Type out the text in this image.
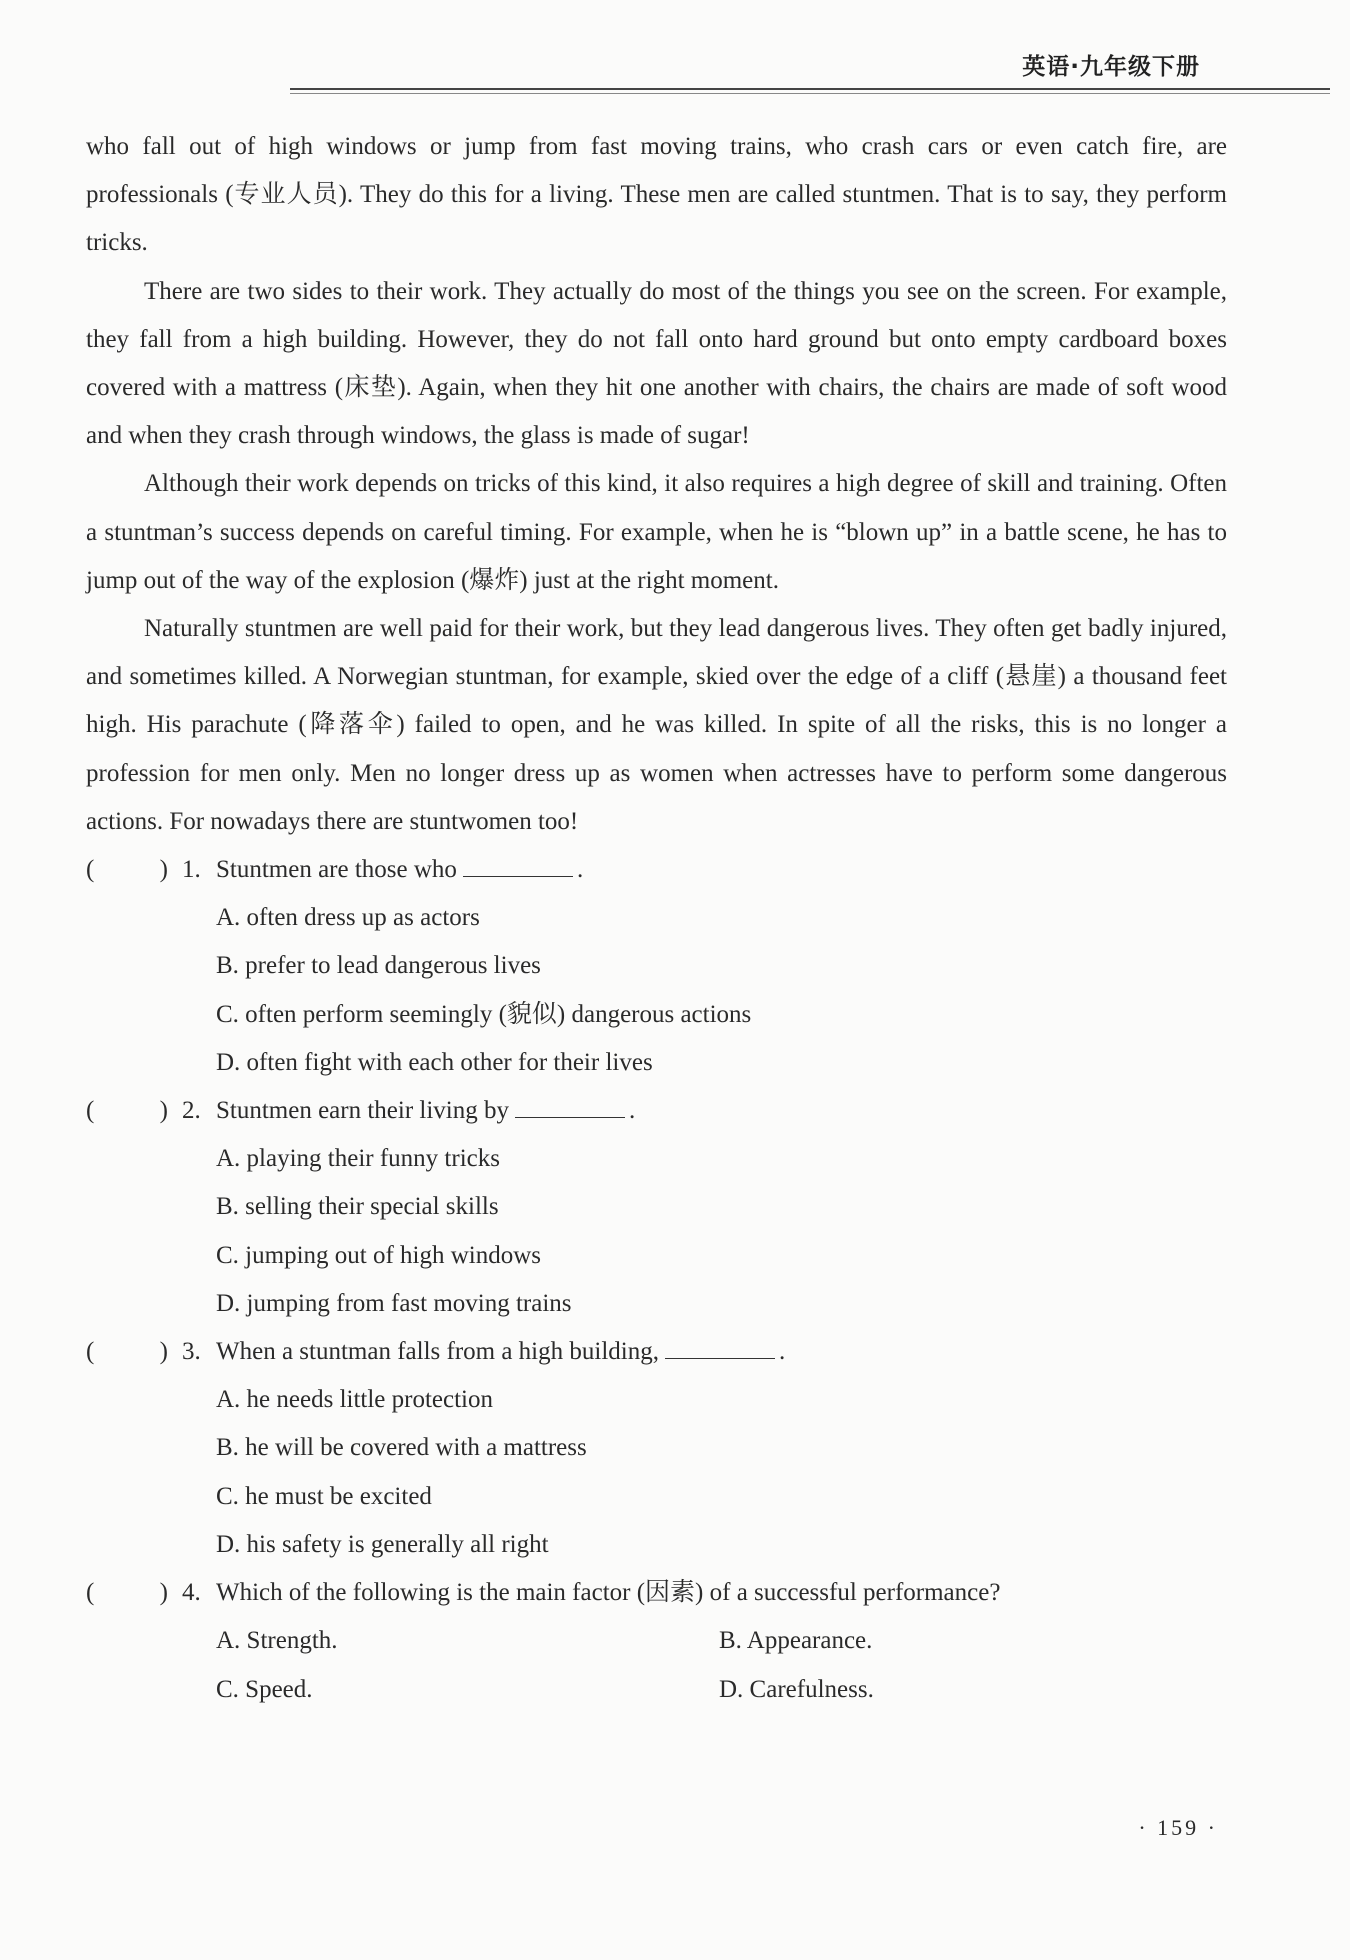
英语·九年级下册

who fall out of high windows or jump from fast moving trains, who crash cars or even catch fire, are professionals (专业人员). They do this for a living. These men are called stuntmen. That is to say, they perform tricks.

There are two sides to their work. They actually do most of the things you see on the screen. For example, they fall from a high building. However, they do not fall onto hard ground but onto empty cardboard boxes covered with a mattress (床垫). Again, when they hit one another with chairs, the chairs are made of soft wood and when they crash through windows, the glass is made of sugar!

Although their work depends on tricks of this kind, it also requires a high degree of skill and training. Often a stuntman’s success depends on careful timing. For example, when he is “blown up” in a battle scene, he has to jump out of the way of the explosion (爆炸) just at the right moment.

Naturally stuntmen are well paid for their work, but they lead dangerous lives. They often get badly injured, and sometimes killed. A Norwegian stuntman, for example, skied over the edge of a cliff (悬崖) a thousand feet high. His parachute (降落伞) failed to open, and he was killed. In spite of all the risks, this is no longer a profession for men only. Men no longer dress up as women when actresses have to perform some dangerous actions. For nowadays there are stuntwomen too!

(	) 1. Stuntmen are those who	.
A. often dress up as actors
B. prefer to lead dangerous lives
C. often perform seemingly (貌似) dangerous actions
D. often fight with each other for their lives
(	) 2. Stuntmen earn their living by	.
A. playing their funny tricks
B. selling their special skills
C. jumping out of high windows
D. jumping from fast moving trains
(	) 3. When a stuntman falls from a high building,	.
A. he needs little protection
B. he will be covered with a mattress
C. he must be excited
D. his safety is generally all right
(	) 4. Which of the following is the main factor (因素) of a successful performance?
A. Strength.	B. Appearance.
C. Speed.	D. Carefulness.
· 159 ·
